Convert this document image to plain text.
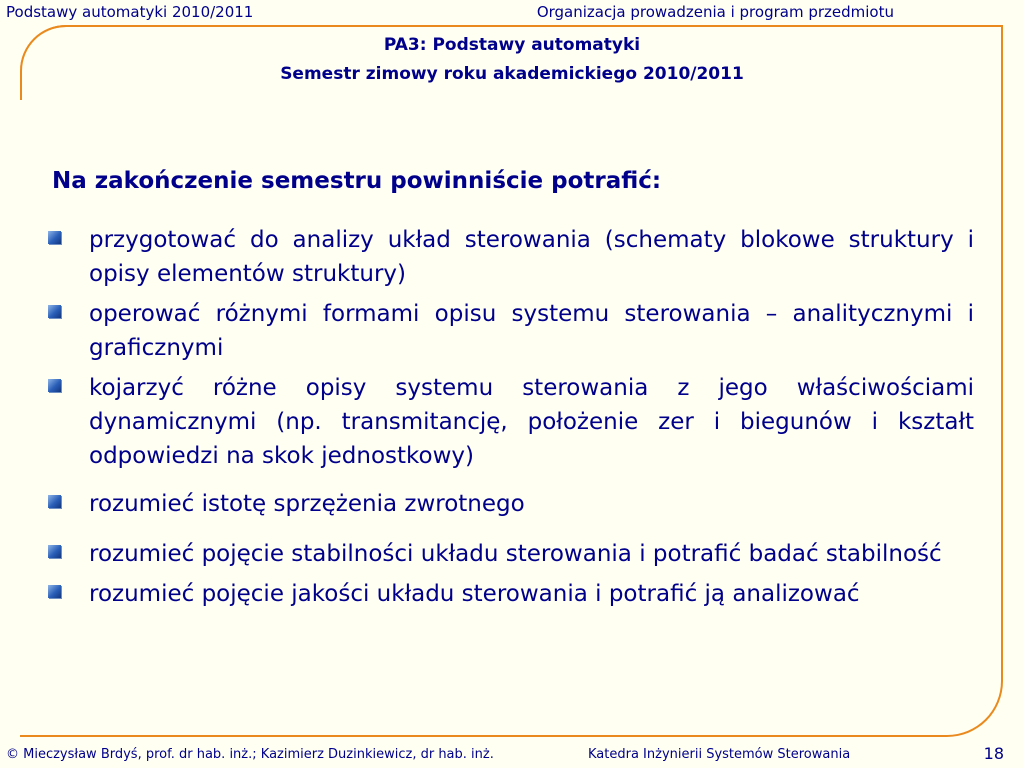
Podstawy automatyki 2010/2011	Organizacja prowadzenia i program przedmiotu
PA3: Podstawy automatyki
Semestr zimowy roku akademickiego 2010/2011
Na zakończenie semestru powinniście potrafić:
przygotować do analizy układ sterowania (schematy blokowe struktury i opisy elementów struktury)
operować różnymi formami opisu systemu sterowania – analitycznymi i graficznymi
kojarzyć różne opisy systemu sterowania z jego właściwościami dynamicznymi (np. transmitancję, położenie zer i biegunów i kształt odpowiedzi na skok jednostkowy)
rozumieć istotę sprzężenia zwrotnego
rozumieć pojęcie stabilności układu sterowania i potrafić badać stabilność
rozumieć pojęcie jakości układu sterowania i potrafić ją analizować
© Mieczysław Brdyś, prof. dr hab. inż.; Kazimierz Duzinkiewicz, dr hab. inż.	Katedra Inżynierii Systemów Sterowania	18
